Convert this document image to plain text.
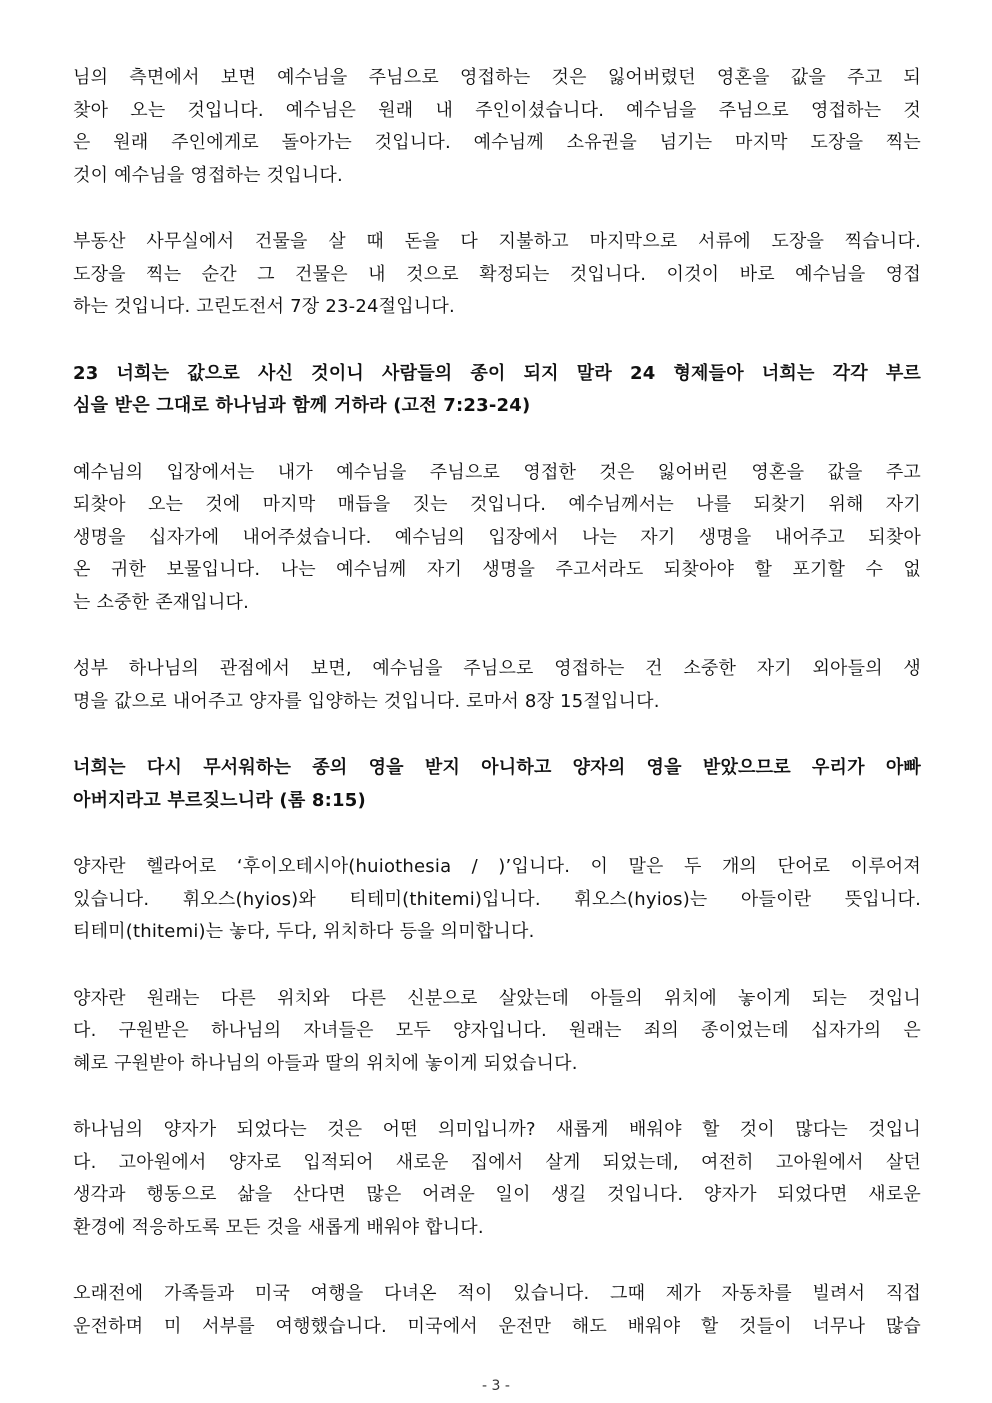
님의 측면에서 보면 예수님을 주님으로 영접하는 것은 잃어버렸던 영혼을 값을 주고 되
찾아 오는 것입니다. 예수님은 원래 내 주인이셨습니다. 예수님을 주님으로 영접하는 것
은 원래 주인에게로 돌아가는 것입니다. 예수님께 소유권을 넘기는 마지막 도장을 찍는
것이 예수님을 영접하는 것입니다.
부동산 사무실에서 건물을 살 때 돈을 다 지불하고 마지막으로 서류에 도장을 찍습니다.
도장을 찍는 순간 그 건물은 내 것으로 확정되는 것입니다. 이것이 바로 예수님을 영접
하는 것입니다. 고린도전서 7장 23-24절입니다.
23 너희는 값으로 사신 것이니 사람들의 종이 되지 말라 24 형제들아 너희는 각각 부르
심을 받은 그대로 하나님과 함께 거하라 (고전 7:23-24)
예수님의 입장에서는 내가 예수님을 주님으로 영접한 것은 잃어버린 영혼을 값을 주고
되찾아 오는 것에 마지막 매듭을 짓는 것입니다. 예수님께서는 나를 되찾기 위해 자기
생명을 십자가에 내어주셨습니다. 예수님의 입장에서 나는 자기 생명을 내어주고 되찾아
온 귀한 보물입니다. 나는 예수님께 자기 생명을 주고서라도 되찾아야 할 포기할 수 없
는 소중한 존재입니다.
성부 하나님의 관점에서 보면, 예수님을 주님으로 영접하는 건 소중한 자기 외아들의 생
명을 값으로 내어주고 양자를 입양하는 것입니다. 로마서 8장 15절입니다.
너희는 다시 무서워하는 종의 영을 받지 아니하고 양자의 영을 받았으므로 우리가 아빠
아버지라고 부르짖느니라 (롬 8:15)
양자란 헬라어로 ‘후이오테시아(huiothesia / )’입니다. 이 말은 두 개의 단어로 이루어져
있습니다. 휘오스(hyios)와 티테미(thitemi)입니다. 휘오스(hyios)는 아들이란 뜻입니다.
티테미(thitemi)는 놓다, 두다, 위치하다 등을 의미합니다.
양자란 원래는 다른 위치와 다른 신분으로 살았는데 아들의 위치에 놓이게 되는 것입니
다. 구원받은 하나님의 자녀들은 모두 양자입니다. 원래는 죄의 종이었는데 십자가의 은
혜로 구원받아 하나님의 아들과 딸의 위치에 놓이게 되었습니다.
하나님의 양자가 되었다는 것은 어떤 의미입니까? 새롭게 배워야 할 것이 많다는 것입니
다. 고아원에서 양자로 입적되어 새로운 집에서 살게 되었는데, 여전히 고아원에서 살던
생각과 행동으로 삶을 산다면 많은 어려운 일이 생길 것입니다. 양자가 되었다면 새로운
환경에 적응하도록 모든 것을 새롭게 배워야 합니다.
오래전에 가족들과 미국 여행을 다녀온 적이 있습니다. 그때 제가 자동차를 빌려서 직접
운전하며 미 서부를 여행했습니다. 미국에서 운전만 해도 배워야 할 것들이 너무나 많습
- 3 -
